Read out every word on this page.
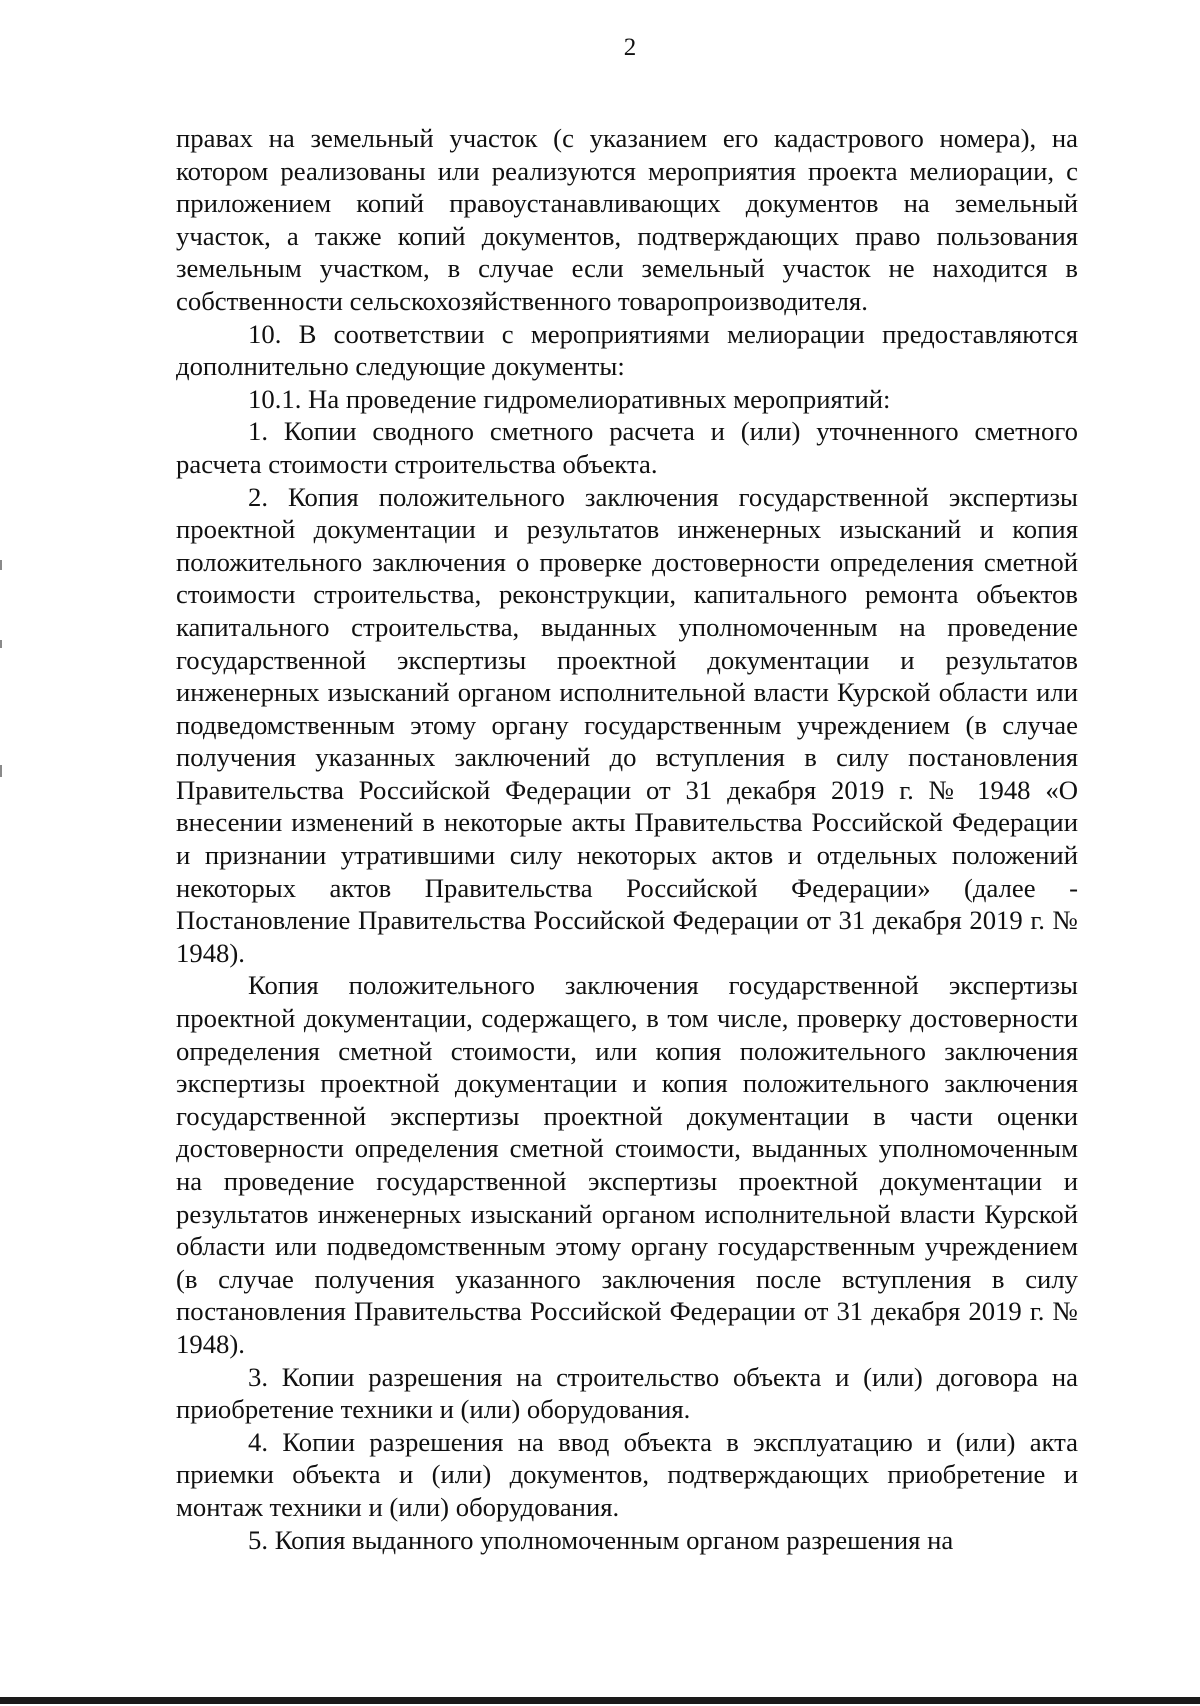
2

правах на земельный участок (с указанием его кадастрового номера), на котором реализованы или реализуются мероприятия проекта мелиорации, с приложением копий правоустанавливающих документов на земельный участок, а также копий документов, подтверждающих право пользования земельным участком, в случае если земельный участок не находится в собственности сельскохозяйственного товаропроизводителя.

10. В соответствии с мероприятиями мелиорации предоставляются дополнительно следующие документы:

10.1. На проведение гидромелиоративных мероприятий:

1. Копии сводного сметного расчета и (или) уточненного сметного расчета стоимости строительства объекта.

2. Копия положительного заключения государственной экспертизы проектной документации и результатов инженерных изысканий и копия положительного заключения о проверке достоверности определения сметной стоимости строительства, реконструкции, капитального ремонта объектов капитального строительства, выданных уполномоченным на проведение государственной экспертизы проектной документации и результатов инженерных изысканий органом исполнительной власти Курской области или подведомственным этому органу государственным учреждением (в случае получения указанных заключений до вступления в силу постановления Правительства Российской Федерации от 31 декабря 2019 г. № 1948 «О внесении изменений в некоторые акты Правительства Российской Федерации и признании утратившими силу некоторых актов и отдельных положений некоторых актов Правительства Российской Федерации» (далее - Постановление Правительства Российской Федерации от 31 декабря 2019 г. № 1948).

Копия положительного заключения государственной экспертизы проектной документации, содержащего, в том числе, проверку достоверности определения сметной стоимости, или копия положительного заключения экспертизы проектной документации и копия положительного заключения государственной экспертизы проектной документации в части оценки достоверности определения сметной стоимости, выданных уполномоченным на проведение государственной экспертизы проектной документации и результатов инженерных изысканий органом исполнительной власти Курской области или подведомственным этому органу государственным учреждением (в случае получения указанного заключения после вступления в силу постановления Правительства Российской Федерации от 31 декабря 2019 г. № 1948).

3. Копии разрешения на строительство объекта и (или) договора на приобретение техники и (или) оборудования.

4. Копии разрешения на ввод объекта в эксплуатацию и (или) акта приемки объекта и (или) документов, подтверждающих приобретение и монтаж техники и (или) оборудования.

5. Копия выданного уполномоченным органом разрешения на
